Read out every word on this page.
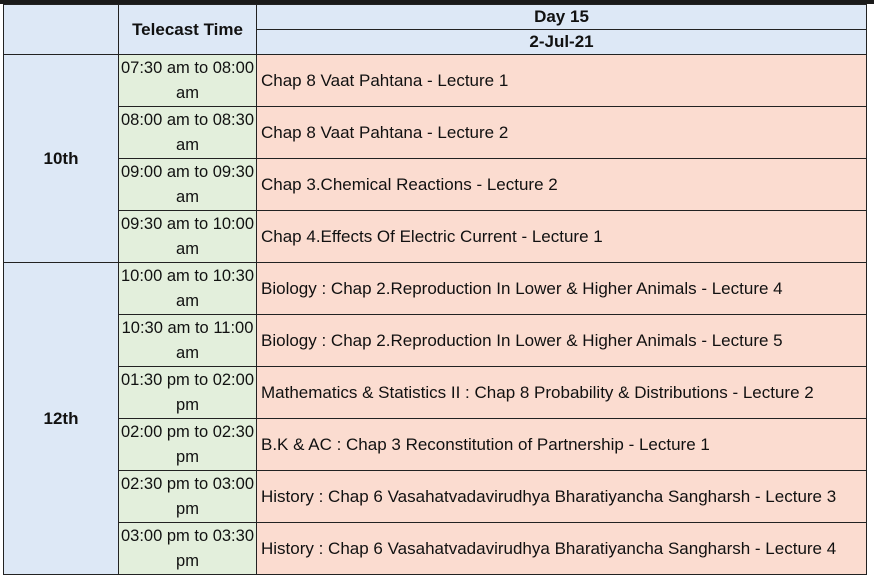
	Telecast Time	Day 15
		2-Jul-21
10th	07:30 am to 08:00 am	Chap 8 Vaat Pahtana - Lecture 1
	08:00 am to 08:30 am	Chap 8 Vaat Pahtana - Lecture 2
	09:00 am to 09:30 am	Chap 3.Chemical Reactions - Lecture 2
	09:30 am to 10:00 am	Chap 4.Effects Of Electric Current - Lecture 1
12th	10:00 am to 10:30 am	Biology : Chap 2.Reproduction In Lower & Higher Animals - Lecture 4
	10:30 am to 11:00 am	Biology : Chap 2.Reproduction In Lower & Higher Animals - Lecture 5
	01:30 pm to 02:00 pm	Mathematics & Statistics II : Chap 8 Probability & Distributions - Lecture 2
	02:00 pm to 02:30 pm	B.K & AC : Chap 3 Reconstitution of Partnership - Lecture 1
	02:30 pm to 03:00 pm	History : Chap 6 Vasahatvadavirudhya Bharatiyancha Sangharsh - Lecture 3
	03:00 pm to 03:30 pm	History : Chap 6 Vasahatvadavirudhya Bharatiyancha Sangharsh - Lecture 4
